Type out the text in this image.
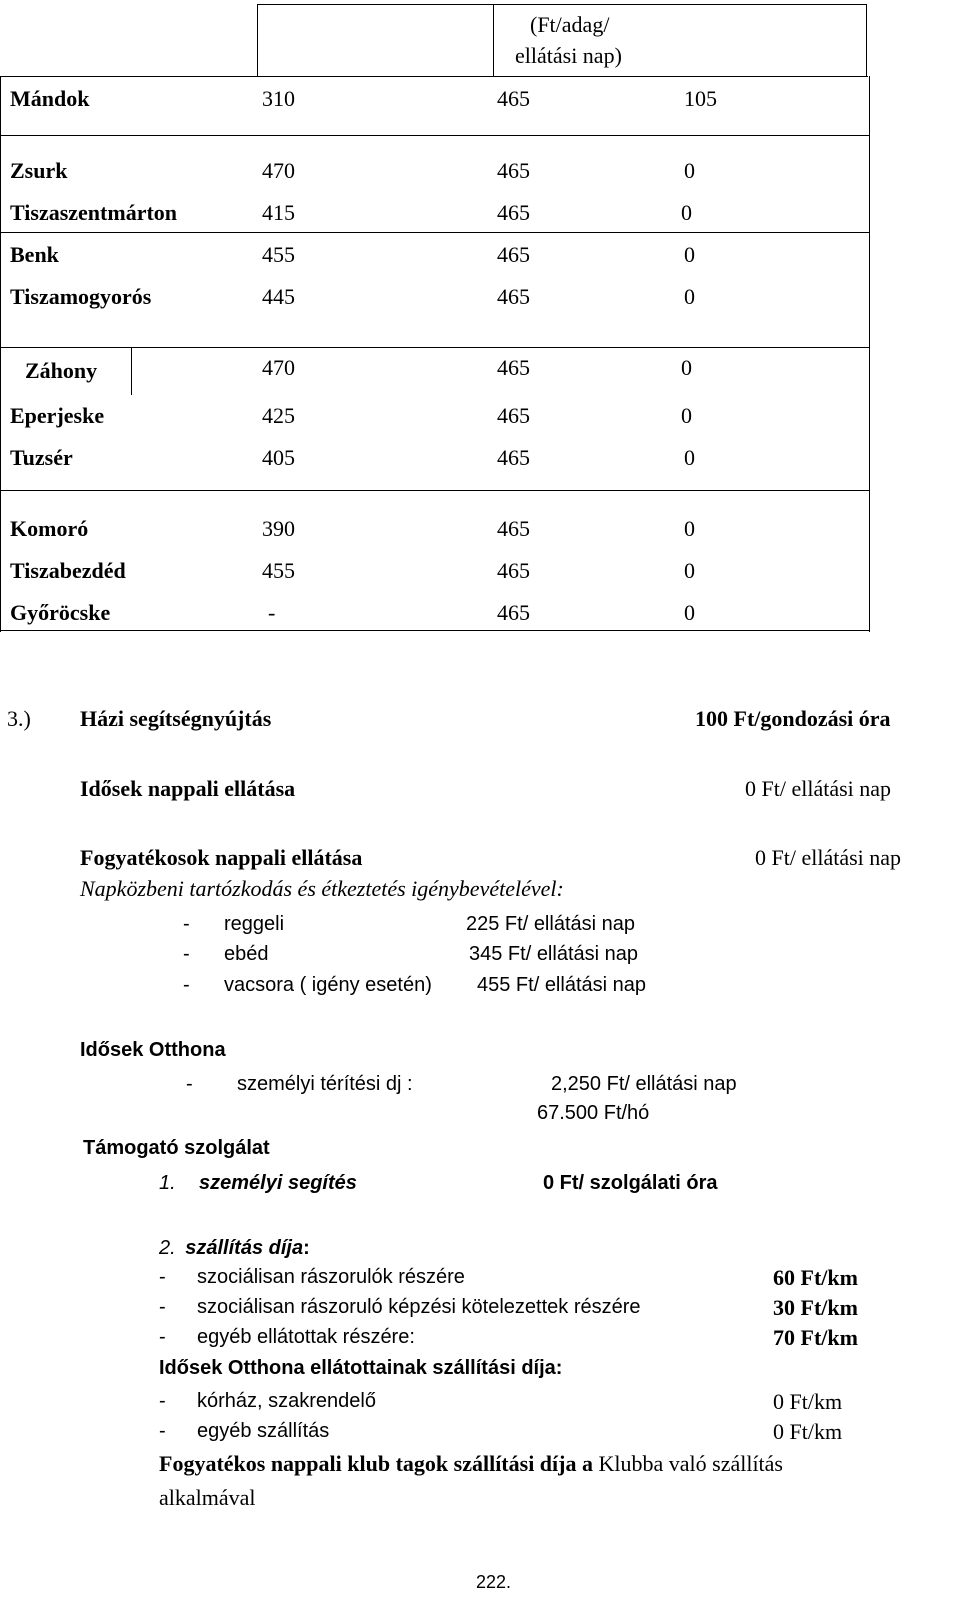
(Ft/adag/
ellátási nap)
Mándok	310	465	105
Zsurk	470	465	0
Tiszaszentmárton	415	465	0
Benk	455	465	0
Tiszamogyorós	445	465	0
Záhony	470	465	0
Eperjeske	425	465	0
Tuzsér	405	465	0
Komoró	390	465	0
Tiszabezdéd	455	465	0
Győröcske	-	465	0
3.) Házi segítségnyújtás	100 Ft/gondozási óra
Idősek nappali ellátása	0 Ft/ ellátási nap
Fogyatékosok nappali ellátása	0 Ft/ ellátási nap
Napközbeni tartózkodás és étkeztetés igénybevételével:
- reggeli	225 Ft/ ellátási nap
- ebéd	345 Ft/ ellátási nap
- vacsora ( igény esetén) 455 Ft/ ellátási nap
Idősek Otthona
- személyi térítési dj :	2,250 Ft/ ellátási nap
67.500 Ft/hó
Támogató szolgálat
1. személyi segítés	0 Ft/ szolgálati óra
2. szállítás díja:
- szociálisan rászorulók részére	60 Ft/km
- szociálisan rászoruló képzési kötelezettek részére	30 Ft/km
- egyéb ellátottak részére:	70 Ft/km
Idősek Otthona ellátottainak szállítási díja:
- kórház, szakrendelő	0 Ft/km
- egyéb szállítás	0 Ft/km
Fogyatékos nappali klub tagok szállítási díja a Klubba való szállítás
alkalmával
222.
